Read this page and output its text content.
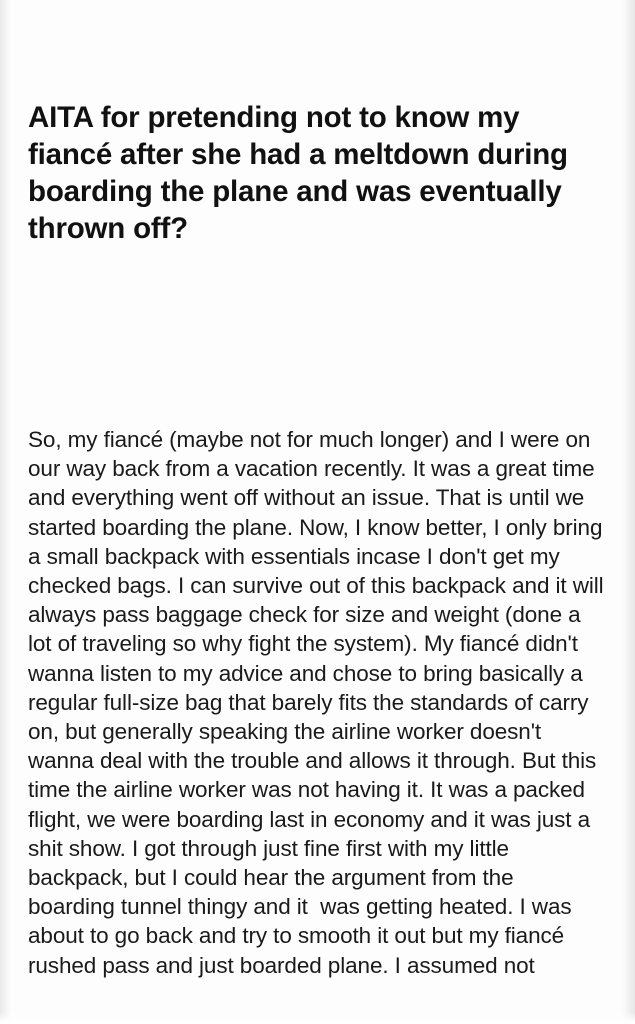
AITA for pretending not to know my fiancé after she had a meltdown during boarding the plane and was eventually thrown off?

So, my fiancé (maybe not for much longer) and I were on our way back from a vacation recently. It was a great time and everything went off without an issue. That is until we started boarding the plane. Now, I know better, I only bring a small backpack with essentials incase I don't get my checked bags. I can survive out of this backpack and it will always pass baggage check for size and weight (done a lot of traveling so why fight the system). My fiancé didn't wanna listen to my advice and chose to bring basically a regular full-size bag that barely fits the standards of carry on, but generally speaking the airline worker doesn't wanna deal with the trouble and allows it through. But this time the airline worker was not having it. It was a packed flight, we were boarding last in economy and it was just a shit show. I got through just fine first with my little backpack, but I could hear the argument from the boarding tunnel thingy and it  was getting heated. I was about to go back and try to smooth it out but my fiancé rushed pass and just boarded plane. I assumed not
